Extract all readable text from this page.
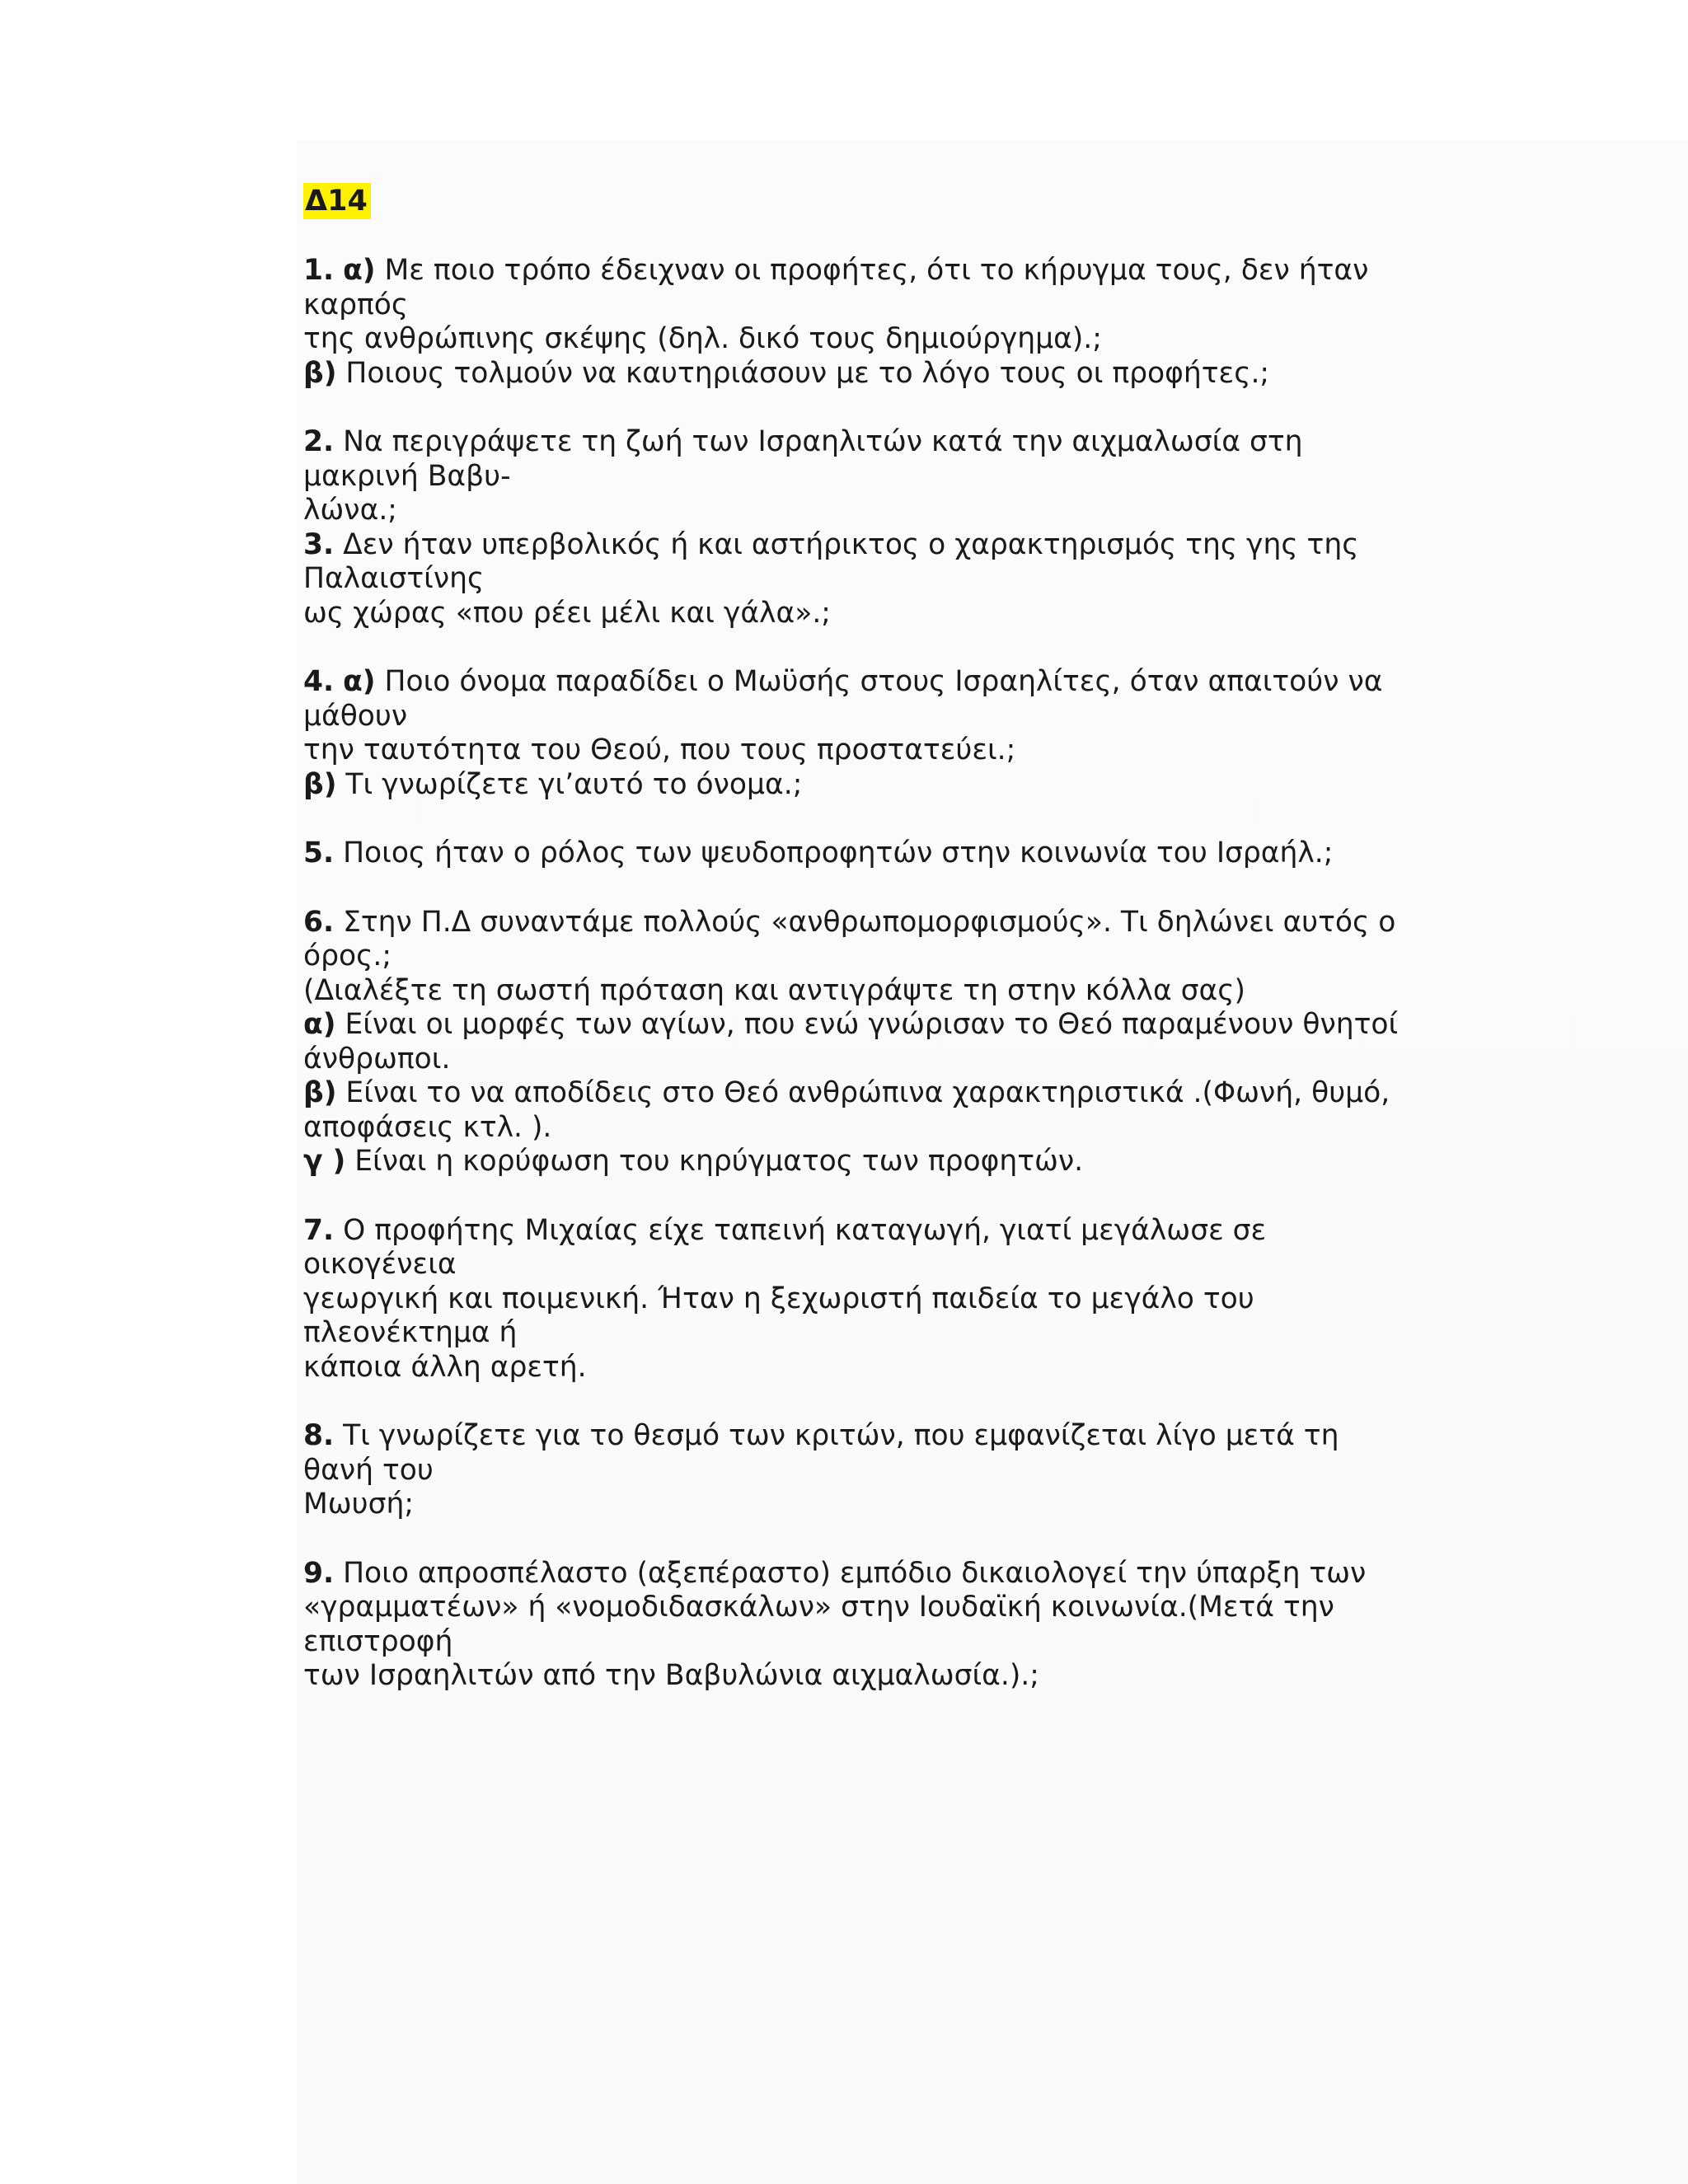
Δ14
1. α) Με ποιο τρόπο έδειχναν οι προφήτες, ότι το κήρυγμα τους, δεν ήταν καρπός
της ανθρώπινης σκέψης (δηλ. δικό τους δημιούργημα).;
β) Ποιους τολμούν να καυτηριάσουν με το λόγο τους οι προφήτες.;
2. Να περιγράψετε τη ζωή των Ισραηλιτών κατά την αιχμαλωσία στη μακρινή Βαβυ-
λώνα.;
3. Δεν ήταν υπερβολικός ή και αστήρικτος ο χαρακτηρισμός της γης της Παλαιστίνης
ως χώρας «που ρέει μέλι και γάλα».;
4. α) Ποιο όνομα παραδίδει ο Μωϋσής στους Ισραηλίτες, όταν απαιτούν να μάθουν
την ταυτότητα του Θεού, που τους προστατεύει.;
β) Τι γνωρίζετε γι’αυτό το όνομα.;
5. Ποιος ήταν ο ρόλος των ψευδοπροφητών στην κοινωνία του Ισραήλ.;
6. Στην Π.Δ συναντάμε πολλούς «ανθρωπομορφισμούς». Τι δηλώνει αυτός ο όρος.;
(Διαλέξτε τη σωστή πρόταση και αντιγράψτε τη στην κόλλα σας)
α) Είναι οι μορφές των αγίων, που ενώ γνώρισαν το Θεό παραμένουν θνητοί
άνθρωποι.
β) Είναι το να αποδίδεις στο Θεό ανθρώπινα χαρακτηριστικά .(Φωνή, θυμό,
αποφάσεις κτλ. ).
γ ) Είναι η κορύφωση του κηρύγματος των προφητών.
7. Ο προφήτης Μιχαίας είχε ταπεινή καταγωγή, γιατί μεγάλωσε σε οικογένεια
γεωργική και ποιμενική. Ήταν η ξεχωριστή παιδεία το μεγάλο του πλεονέκτημα ή
κάποια άλλη αρετή.
8. Τι γνωρίζετε για το θεσμό των κριτών, που εμφανίζεται λίγο μετά τη θανή του
Μωυσή;
9. Ποιο απροσπέλαστο (αξεπέραστο) εμπόδιο δικαιολογεί την ύπαρξη των
«γραμματέων» ή «νομοδιδασκάλων» στην Ιουδαϊκή κοινωνία.(Μετά την επιστροφή
των Ισραηλιτών από την Βαβυλώνια αιχμαλωσία.).;
